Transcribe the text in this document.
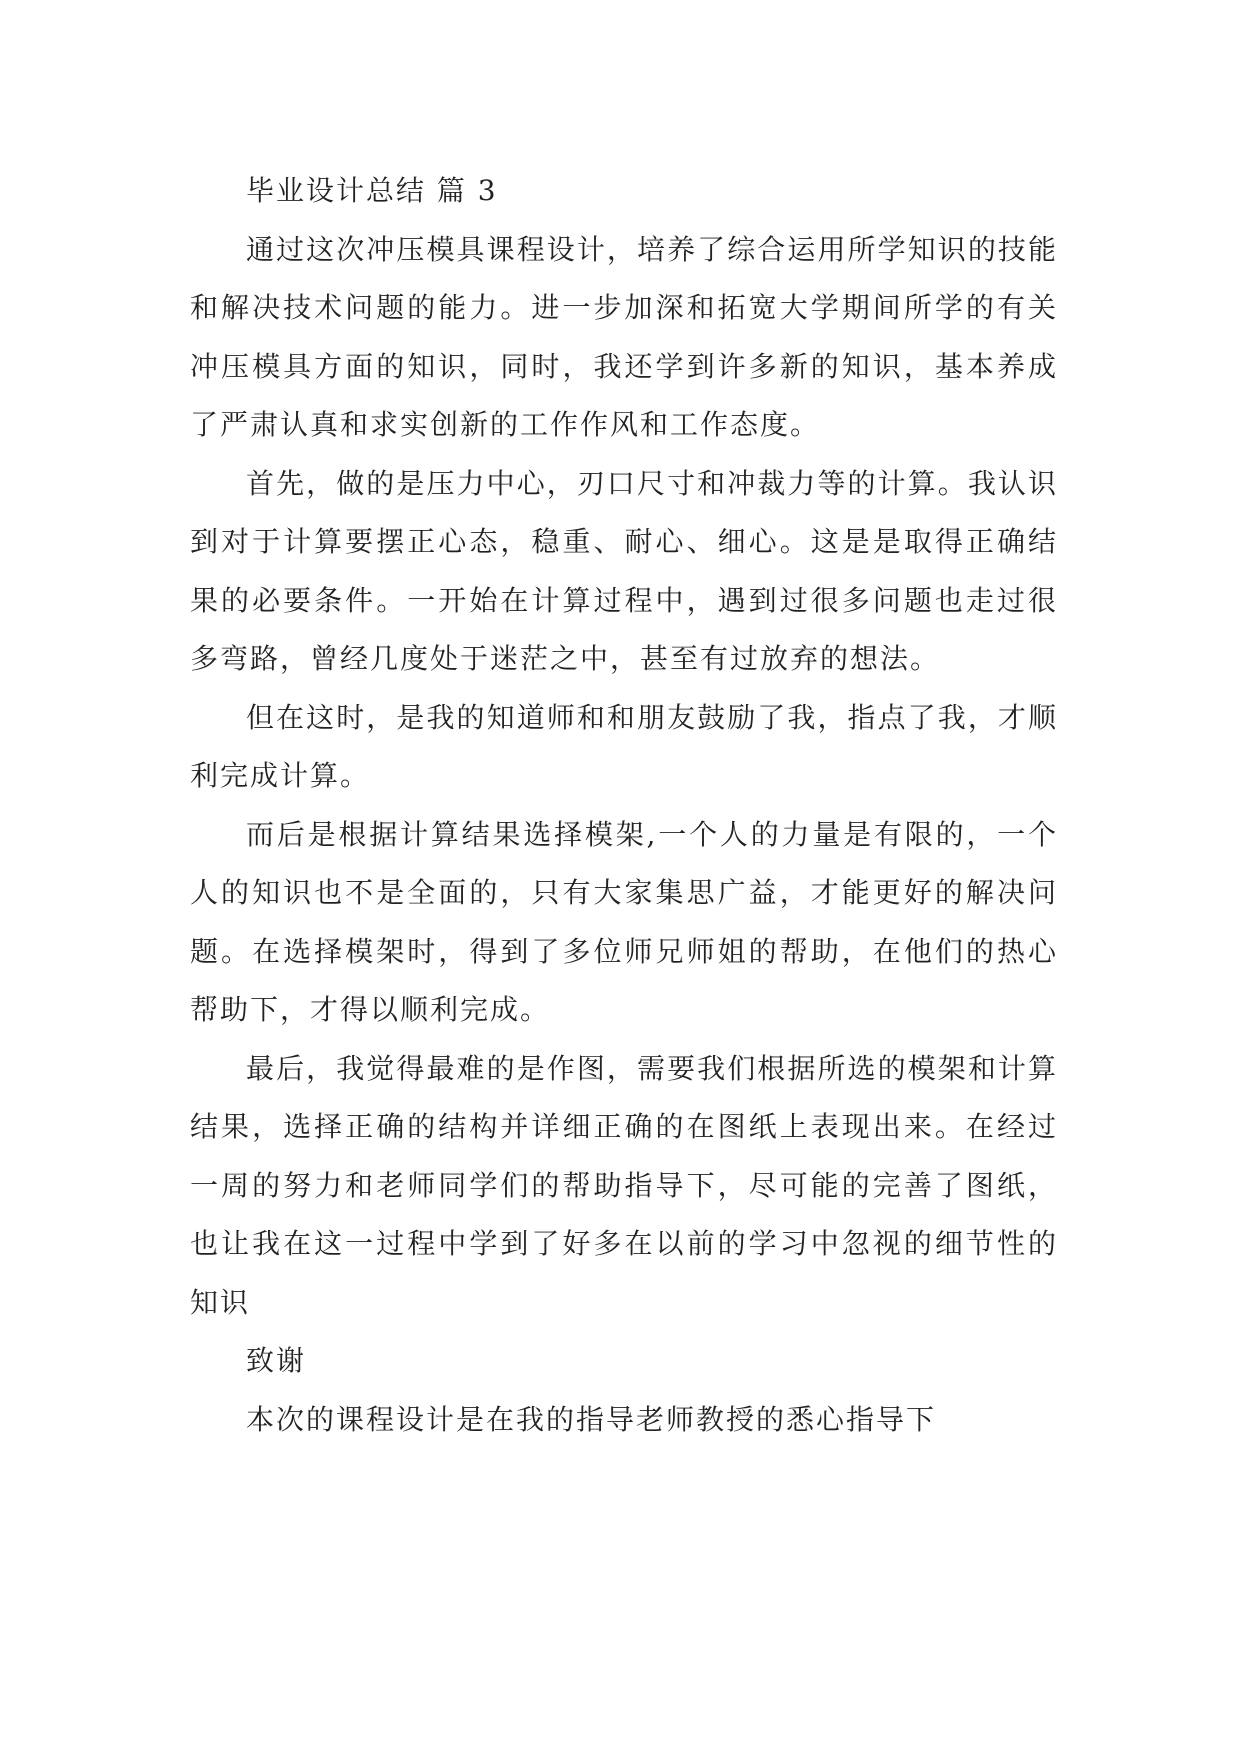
毕业设计总结 篇 3

通过这次冲压模具课程设计，培养了综合运用所学知识的技能和解决技术问题的能力。进一步加深和拓宽大学期间所学的有关冲压模具方面的知识，同时，我还学到许多新的知识，基本养成了严肃认真和求实创新的工作作风和工作态度。

首先，做的是压力中心，刃口尺寸和冲裁力等的计算。我认识到对于计算要摆正心态，稳重、耐心、细心。这是是取得正确结果的必要条件。一开始在计算过程中，遇到过很多问题也走过很多弯路，曾经几度处于迷茫之中，甚至有过放弃的想法。

但在这时，是我的知道师和和朋友鼓励了我，指点了我，才顺利完成计算。

而后是根据计算结果选择模架,一个人的力量是有限的，一个人的知识也不是全面的，只有大家集思广益，才能更好的解决问题。在选择模架时，得到了多位师兄师姐的帮助，在他们的热心帮助下，才得以顺利完成。

最后，我觉得最难的是作图，需要我们根据所选的模架和计算结果，选择正确的结构并详细正确的在图纸上表现出来。在经过一周的努力和老师同学们的帮助指导下，尽可能的完善了图纸，也让我在这一过程中学到了好多在以前的学习中忽视的细节性的知识

致谢

本次的课程设计是在我的指导老师教授的悉心指导下
